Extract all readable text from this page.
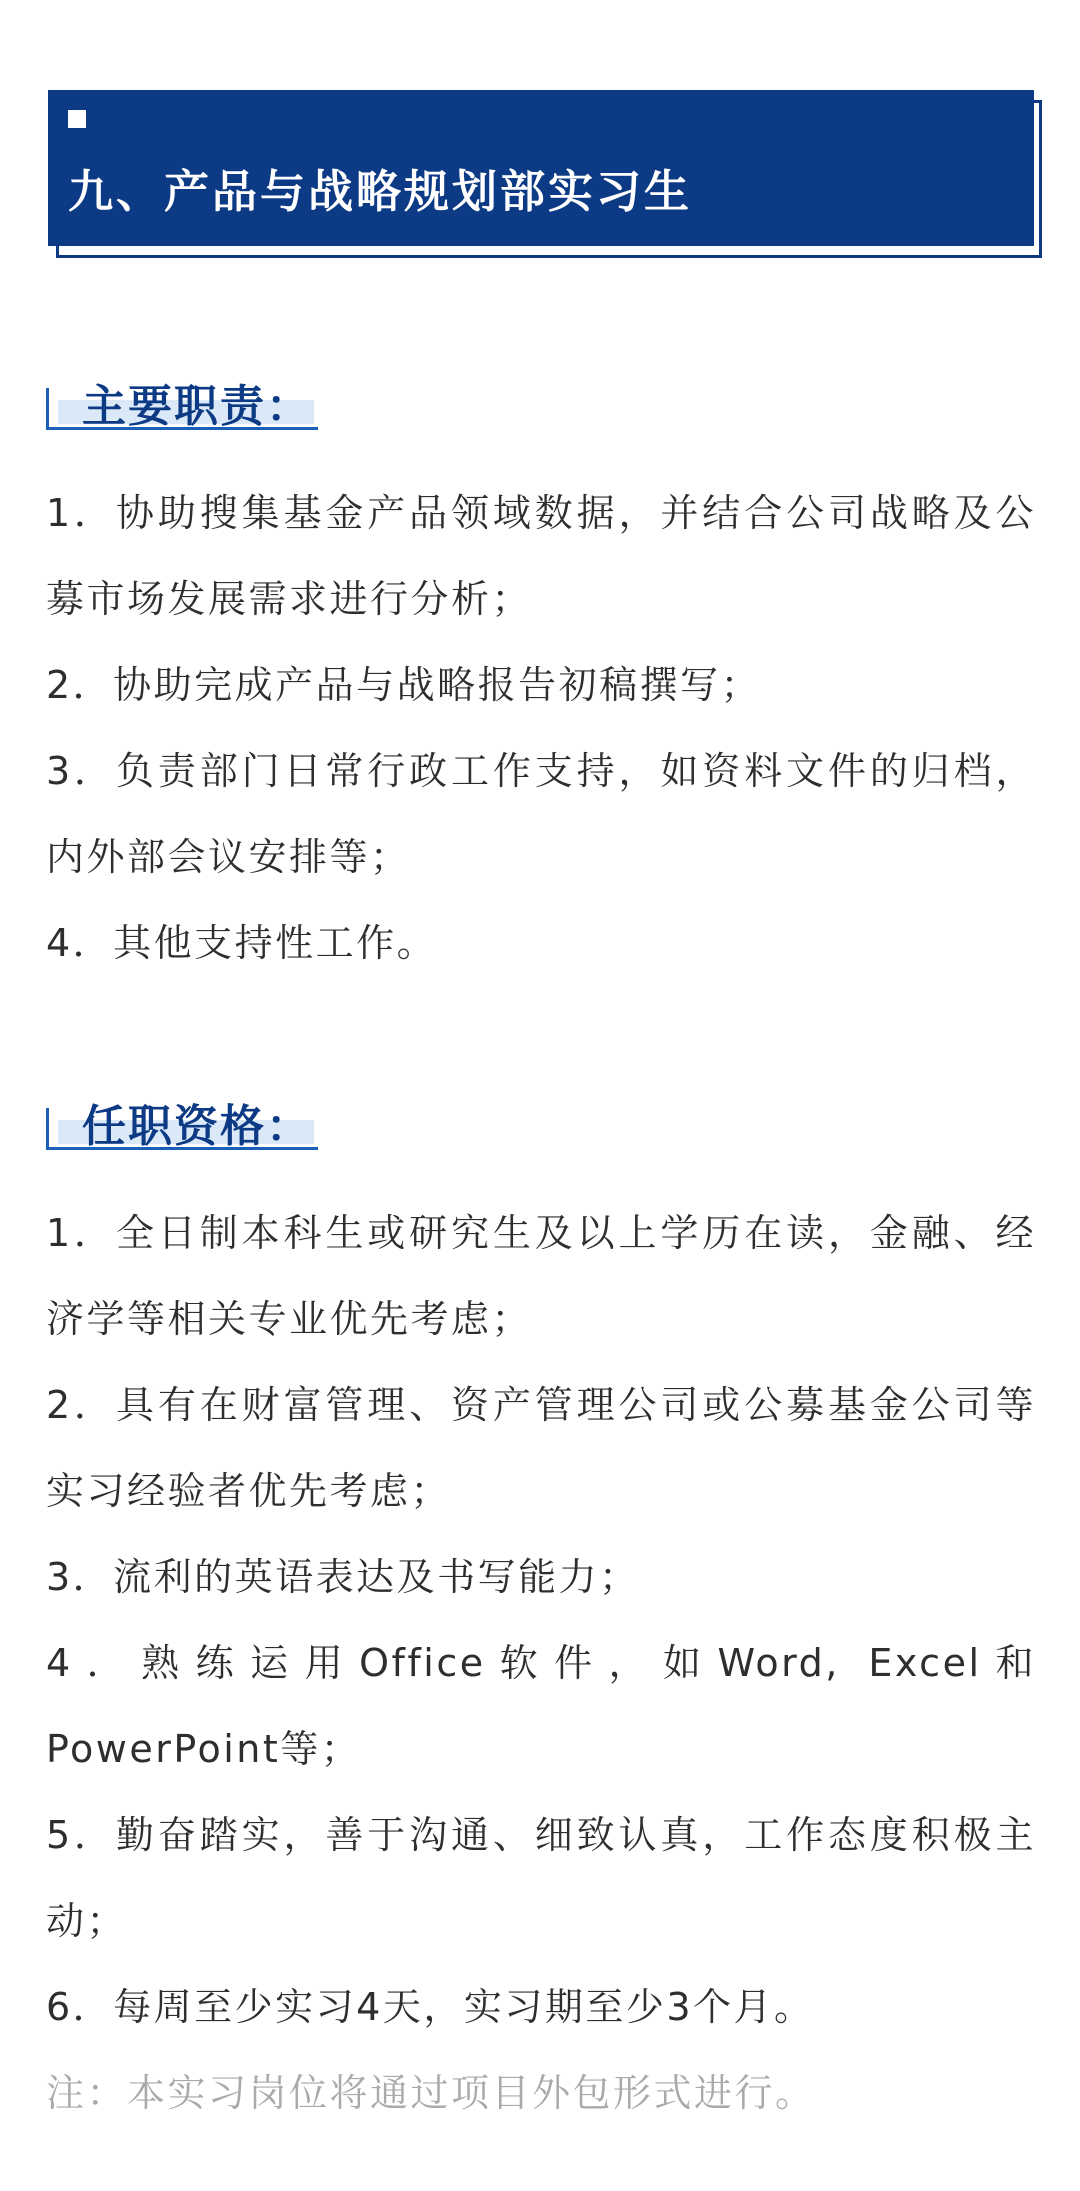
九、产品与战略规划部实习生
主要职责：

1．协助搜集基金产品领域数据，并结合公司战略及公募市场发展需求进行分析；

2．协助完成产品与战略报告初稿撰写；

3．负责部门日常行政工作支持，如资料文件的归档，内外部会议安排等；

4．其他支持性工作。

任职资格：

1．全日制本科生或研究生及以上学历在读，金融、经济学等相关专业优先考虑；

2．具有在财富管理、资产管理公司或公募基金公司等实习经验者优先考虑；

3．流利的英语表达及书写能力；

4．熟练运用Office软件，如Word, Excel和PowerPoint等；

5．勤奋踏实，善于沟通、细致认真，工作态度积极主动；

6．每周至少实习4天，实习期至少3个月。

注：本实习岗位将通过项目外包形式进行。
